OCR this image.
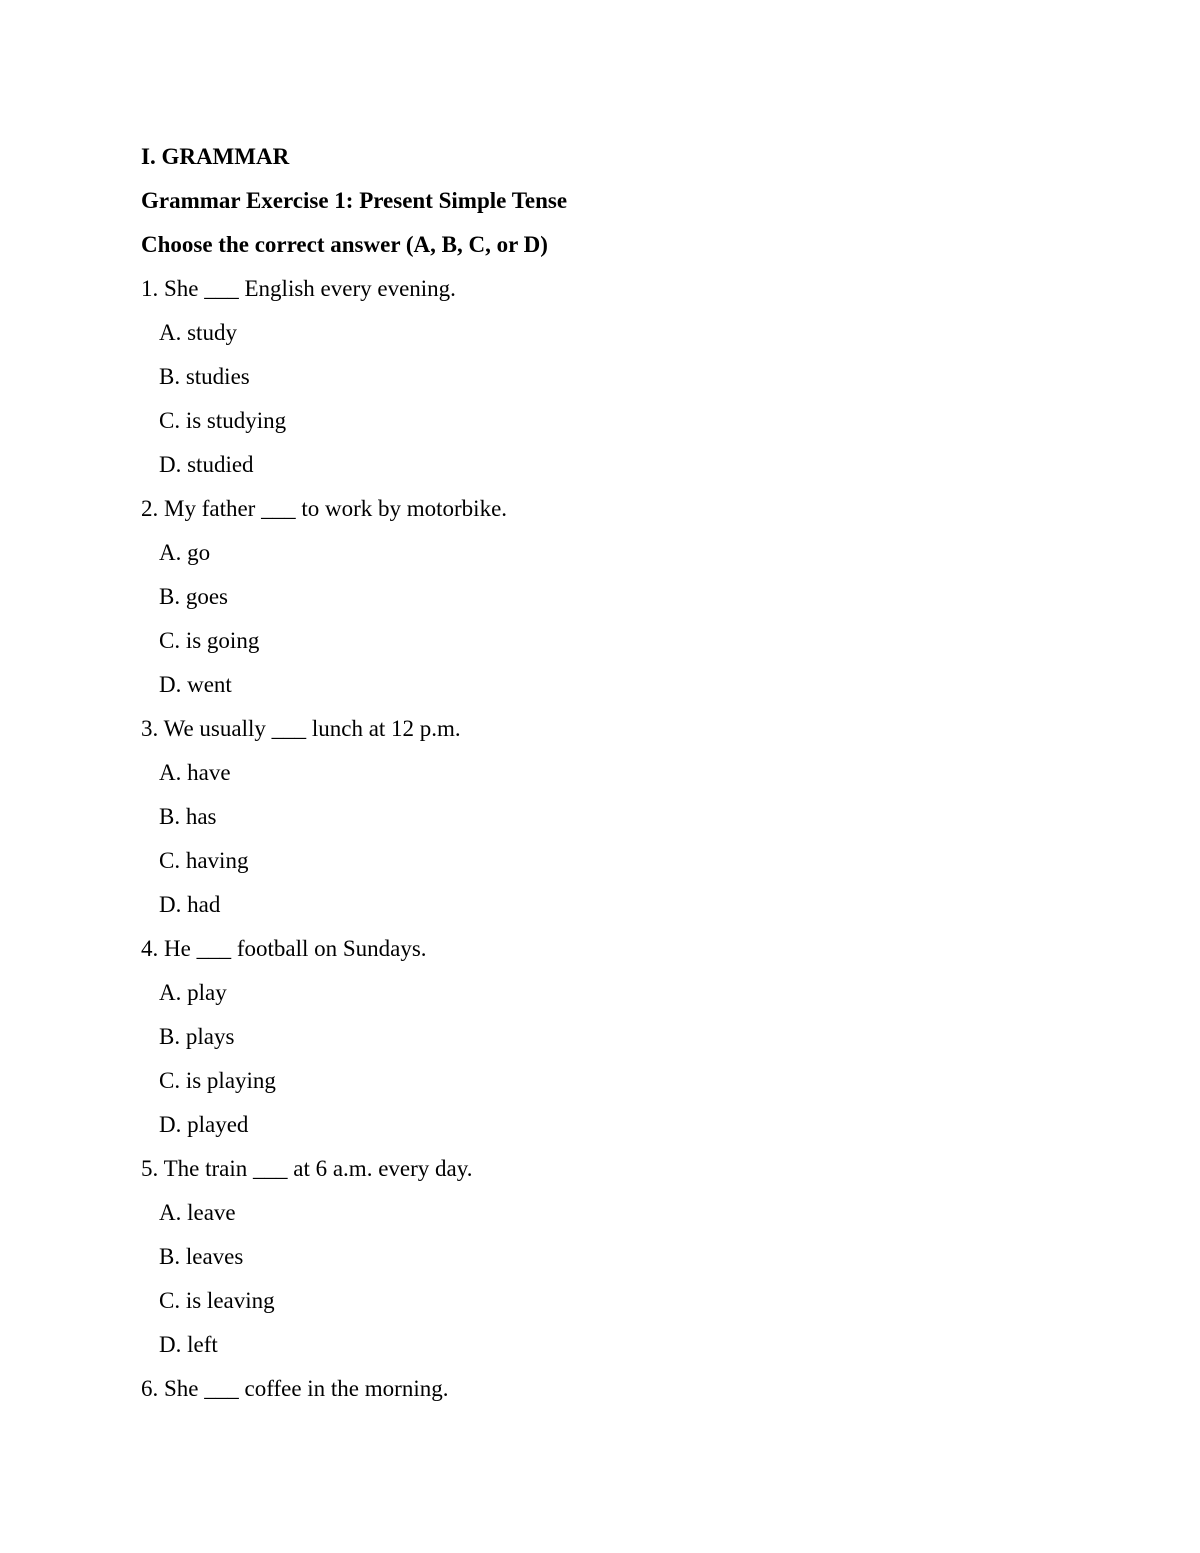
I. GRAMMAR
Grammar Exercise 1: Present Simple Tense
Choose the correct answer (A, B, C, or D)
1. She ___ English every evening.
A. study
B. studies
C. is studying
D. studied
2. My father ___ to work by motorbike.
A. go
B. goes
C. is going
D. went
3. We usually ___ lunch at 12 p.m.
A. have
B. has
C. having
D. had
4. He ___ football on Sundays.
A. play
B. plays
C. is playing
D. played
5. The train ___ at 6 a.m. every day.
A. leave
B. leaves
C. is leaving
D. left
6. She ___ coffee in the morning.
